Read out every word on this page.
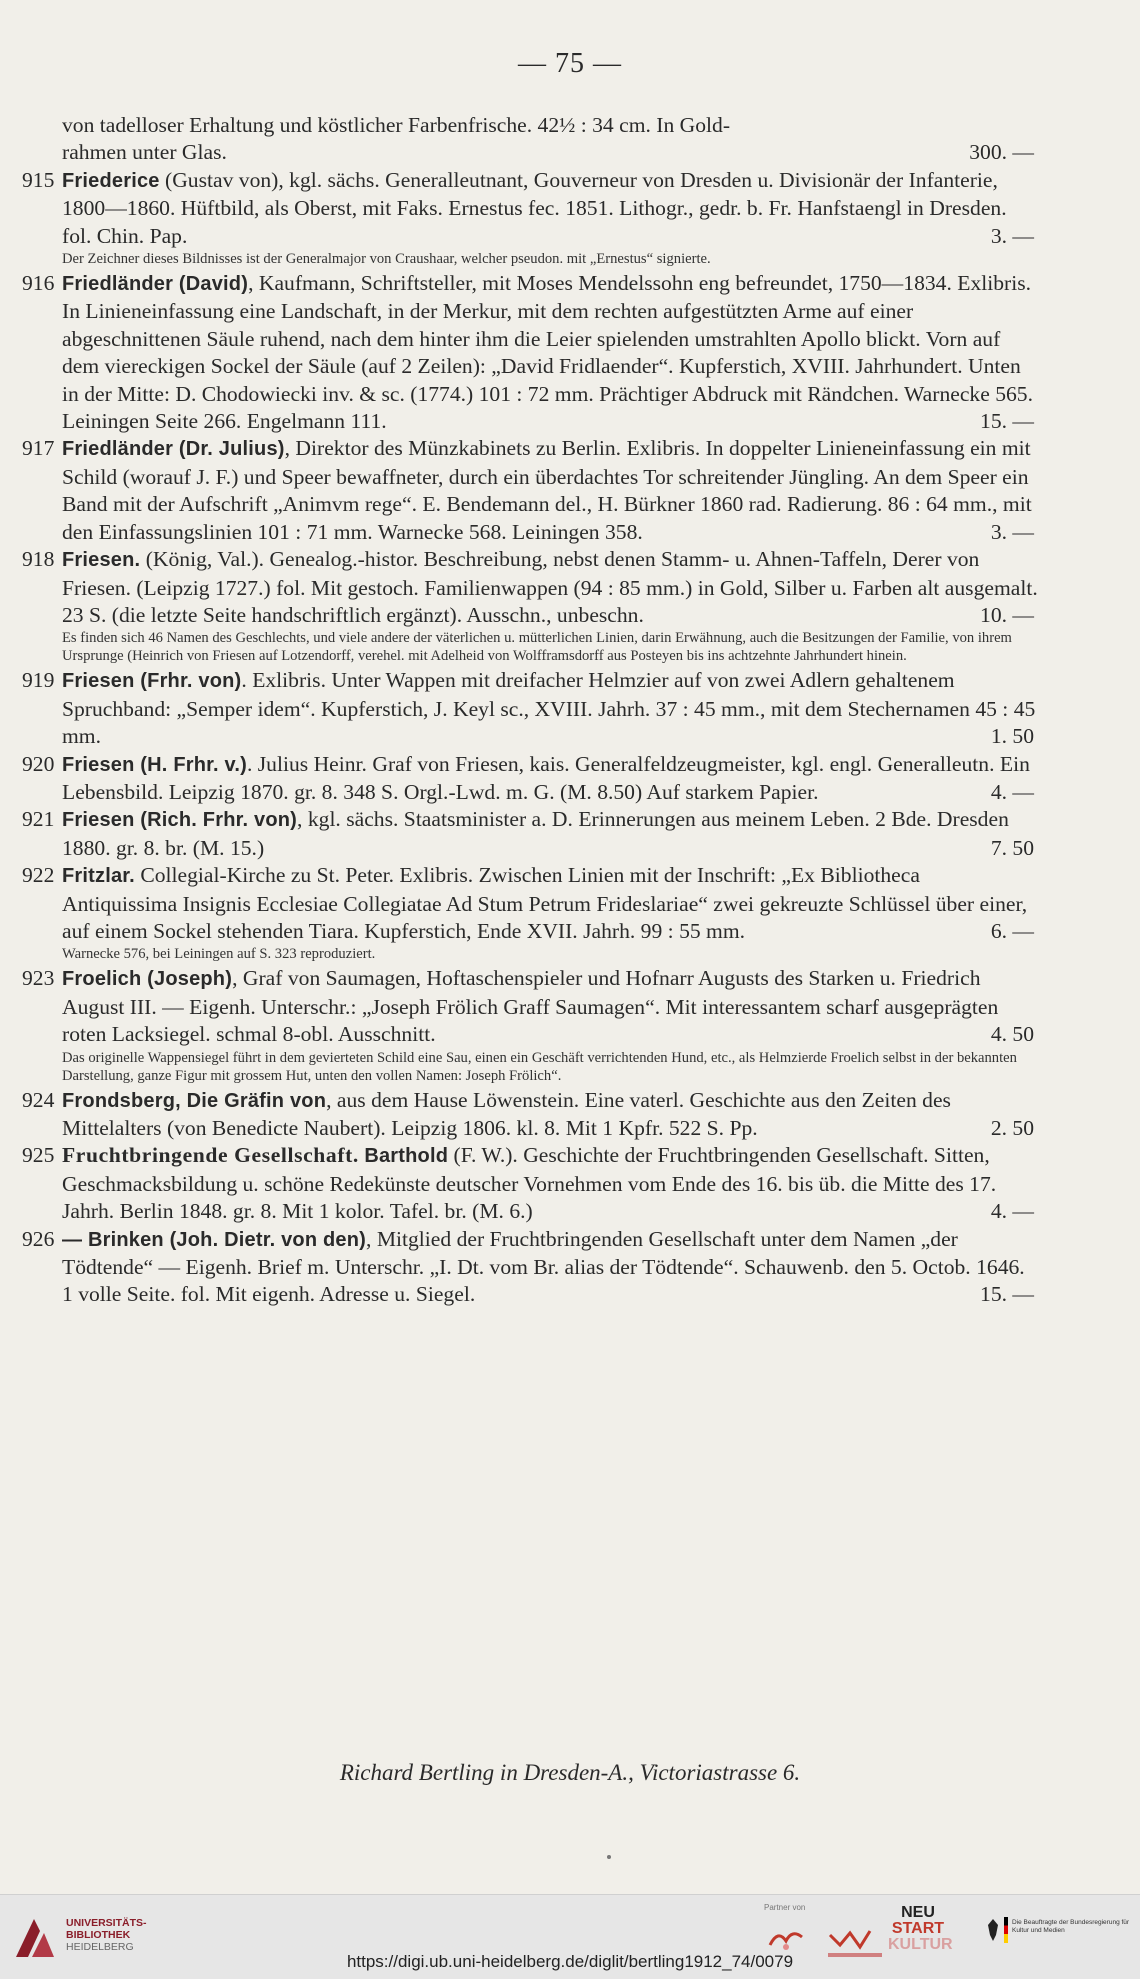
— 75 —

von tadelloser Erhaltung und köstlicher Farbenfrische. 42½ : 34 cm. In Gold-
rahmen unter Glas.	300. —

915 Friederice (Gustav von), kgl. sächs. Generalleutnant, Gouverneur von Dresden u. Divisionär der Infanterie, 1800—1860. Hüftbild, als Oberst, mit Faks. Ernestus fec. 1851. Lithogr., gedr. b. Fr. Hanfstaengl in Dresden. fol. Chin. Pap.	3. —

Der Zeichner dieses Bildnisses ist der Generalmajor von Craushaar, welcher pseudon. mit „Ernestus“ signierte.

916 Friedländer (David), Kaufmann, Schriftsteller, mit Moses Mendelssohn eng befreundet, 1750—1834. Exlibris. In Linieneinfassung eine Landschaft, in der Merkur, mit dem rechten aufgestützten Arme auf einer abgeschnittenen Säule ruhend, nach dem hinter ihm die Leier spielenden umstrahlten Apollo blickt. Vorn auf dem viereckigen Sockel der Säule (auf 2 Zeilen): „David Fridlaender“. Kupferstich, XVIII. Jahrhundert. Unten in der Mitte: D. Chodowiecki inv. & sc. (1774.) 101 : 72 mm. Prächtiger Abdruck mit Rändchen. Warnecke 565. Leiningen Seite 266. Engelmann 111.	15. —

917 Friedländer (Dr. Julius), Direktor des Münzkabinets zu Berlin. Exlibris. In doppelter Linieneinfassung ein mit Schild (worauf J. F.) und Speer bewaffneter, durch ein überdachtes Tor schreitender Jüngling. An dem Speer ein Band mit der Aufschrift „Animvm rege“. E. Bendemann del., H. Bürkner 1860 rad. Radierung. 86 : 64 mm., mit den Einfassungslinien 101 : 71 mm. Warnecke 568. Leiningen 358.	3. —

918 Friesen. (König, Val.). Genealog.-histor. Beschreibung, nebst denen Stamm- u. Ahnen-Taffeln, Derer von Friesen. (Leipzig 1727.) fol. Mit gestoch. Familienwappen (94 : 85 mm.) in Gold, Silber u. Farben alt ausgemalt. 23 S. (die letzte Seite handschriftlich ergänzt). Ausschn., unbeschn.	10. —

Es finden sich 46 Namen des Geschlechts, und viele andere der väterlichen u. mütterlichen Linien, darin Erwähnung, auch die Besitzungen der Familie, von ihrem Ursprunge (Heinrich von Friesen auf Lotzendorff, verehel. mit Adelheid von Wolfframsdorff aus Posteyen bis ins achtzehnte Jahrhundert hinein.

919 Friesen (Frhr. von). Exlibris. Unter Wappen mit dreifacher Helmzier auf von zwei Adlern gehaltenem Spruchband: „Semper idem“. Kupferstich, J. Keyl sc., XVIII. Jahrh. 37 : 45 mm., mit dem Stechernamen 45 : 45 mm.	1. 50

920 Friesen (H. Frhr. v.). Julius Heinr. Graf von Friesen, kais. Generalfeldzeugmeister, kgl. engl. Generalleutn. Ein Lebensbild. Leipzig 1870. gr. 8. 348 S. Orgl.-Lwd. m. G. (M. 8.50) Auf starkem Papier.	4. —

921 Friesen (Rich. Frhr. von), kgl. sächs. Staatsminister a. D. Erinnerungen aus meinem Leben. 2 Bde. Dresden 1880. gr. 8. br. (M. 15.)	7. 50

922 Fritzlar. Collegial-Kirche zu St. Peter. Exlibris. Zwischen Linien mit der Inschrift: „Ex Bibliotheca Antiquissima Insignis Ecclesiae Collegiatae Ad Stum Petrum Frideslariae“ zwei gekreuzte Schlüssel über einer, auf einem Sockel stehenden Tiara. Kupferstich, Ende XVII. Jahrh. 99 : 55 mm.	6. —

Warnecke 576, bei Leiningen auf S. 323 reproduziert.

923 Froelich (Joseph), Graf von Saumagen, Hoftaschenspieler und Hofnarr Augusts des Starken u. Friedrich August III. — Eigenh. Unterschr.: „Joseph Frölich Graff Saumagen“. Mit interessantem scharf ausgeprägten roten Lacksiegel. schmal 8-obl. Ausschnitt.	4. 50

Das originelle Wappensiegel führt in dem gevierteten Schild eine Sau, einen ein Geschäft verrichtenden Hund, etc., als Helmzierde Froelich selbst in der bekannten Darstellung, ganze Figur mit grossem Hut, unten den vollen Namen: Joseph Frölich“.

924 Frondsberg, Die Gräfin von, aus dem Hause Löwenstein. Eine vaterl. Geschichte aus den Zeiten des Mittelalters (von Benedicte Naubert). Leipzig 1806. kl. 8. Mit 1 Kpfr. 522 S. Pp.	2. 50

925 Fruchtbringende Gesellschaft. Barthold (F. W.). Geschichte der Fruchtbringenden Gesellschaft. Sitten, Geschmacksbildung u. schöne Redekünste deutscher Vornehmen vom Ende des 16. bis üb. die Mitte des 17. Jahrh. Berlin 1848. gr. 8. Mit 1 kolor. Tafel. br. (M. 6.)	4. —

926 — Brinken (Joh. Dietr. von den), Mitglied der Fruchtbringenden Gesellschaft unter dem Namen „der Tödtende“ — Eigenh. Brief m. Unterschr. „I. Dt. vom Br. alias der Tödtende“. Schauwenb. den 5. Octob. 1646. 1 volle Seite. fol. Mit eigenh. Adresse u. Siegel.	15. —

Richard Bertling in Dresden-A., Victoriastrasse 6.
UNIVERSITÄTS-
BIBLIOTHEK
HEIDELBERG
Partner von	NEU
START
KULTUR
Die Beauftragte der Bundesregierung für Kultur und Medien
https://digi.ub.uni-heidelberg.de/diglit/bertling1912_74/0079
